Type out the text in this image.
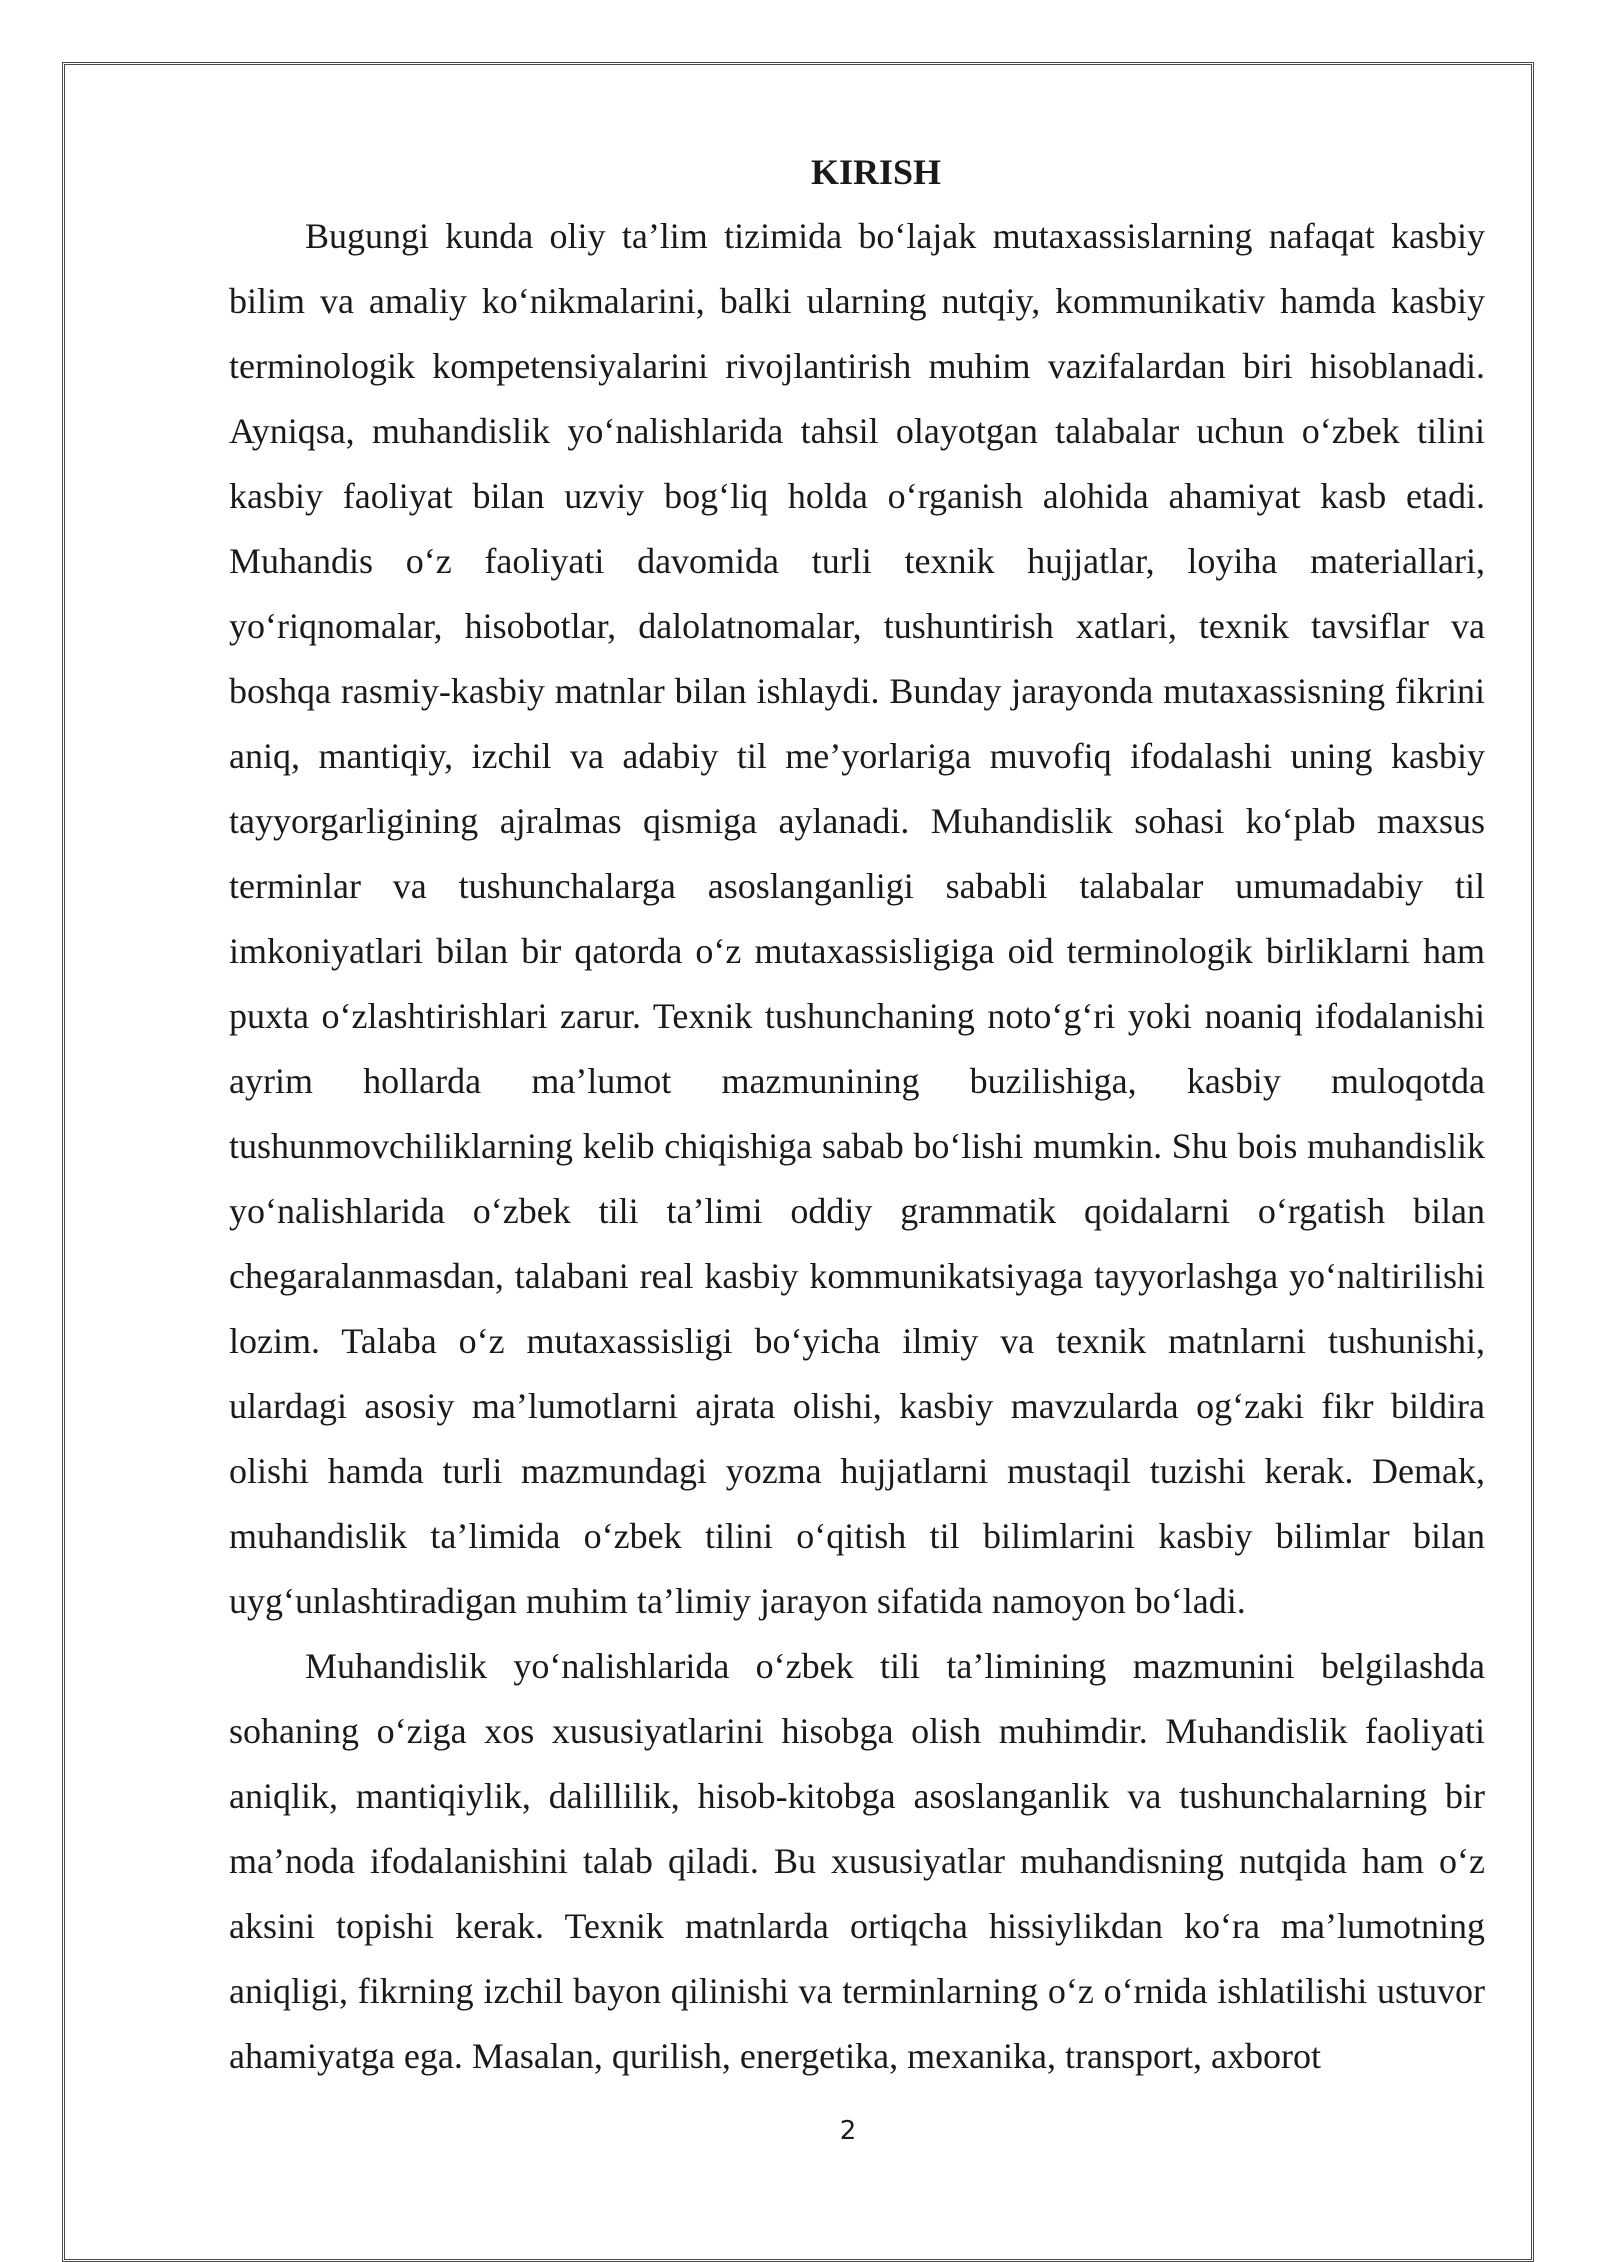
KIRISH

Bugungi kunda oliy ta’lim tizimida bo‘lajak mutaxassislarning nafaqat kasbiy bilim va amaliy ko‘nikmalarini, balki ularning nutqiy, kommunikativ hamda kasbiy terminologik kompetensiyalarini rivojlantirish muhim vazifalardan biri hisoblanadi. Ayniqsa, muhandislik yo‘nalishlarida tahsil olayotgan talabalar uchun o‘zbek tilini kasbiy faoliyat bilan uzviy bog‘liq holda o‘rganish alohida ahamiyat kasb etadi. Muhandis o‘z faoliyati davomida turli texnik hujjatlar, loyiha materiallari, yo‘riqnomalar, hisobotlar, dalolatnomalar, tushuntirish xatlari, texnik tavsiflar va boshqa rasmiy-kasbiy matnlar bilan ishlaydi. Bunday jarayonda mutaxassisning fikrini aniq, mantiqiy, izchil va adabiy til me’yorlariga muvofiq ifodalashi uning kasbiy tayyorgarligining ajralmas qismiga aylanadi. Muhandislik sohasi ko‘plab maxsus terminlar va tushunchalarga asoslanganligi sababli talabalar umumadabiy til imkoniyatlari bilan bir qatorda o‘z mutaxassisligiga oid terminologik birliklarni ham puxta o‘zlashtirishlari zarur. Texnik tushunchaning noto‘g‘ri yoki noaniq ifodalanishi ayrim hollarda ma’lumot mazmunining buzilishiga, kasbiy muloqotda tushunmovchiliklarning kelib chiqishiga sabab bo‘lishi mumkin. Shu bois muhandislik yo‘nalishlarida o‘zbek tili ta’limi oddiy grammatik qoidalarni o‘rgatish bilan chegaralanmasdan, talabani real kasbiy kommunikatsiyaga tayyorlashga yo‘naltirilishi lozim. Talaba o‘z mutaxassisligi bo‘yicha ilmiy va texnik matnlarni tushunishi, ulardagi asosiy ma’lumotlarni ajrata olishi, kasbiy mavzularda og‘zaki fikr bildira olishi hamda turli mazmundagi yozma hujjatlarni mustaqil tuzishi kerak. Demak, muhandislik ta’limida o‘zbek tilini o‘qitish til bilimlarini kasbiy bilimlar bilan uyg‘unlashtiradigan muhim ta’limiy jarayon sifatida namoyon bo‘ladi.

Muhandislik yo‘nalishlarida o‘zbek tili ta’limining mazmunini belgilashda sohaning o‘ziga xos xususiyatlarini hisobga olish muhimdir. Muhandislik faoliyati aniqlik, mantiqiylik, dalillilik, hisob-kitobga asoslanganlik va tushunchalarning bir ma’noda ifodalanishini talab qiladi. Bu xususiyatlar muhandisning nutqida ham o‘z aksini topishi kerak. Texnik matnlarda ortiqcha hissiylikdan ko‘ra ma’lumotning aniqligi, fikrning izchil bayon qilinishi va terminlarning o‘z o‘rnida ishlatilishi ustuvor ahamiyatga ega. Masalan, qurilish, energetika, mexanika, transport, axborot

2
